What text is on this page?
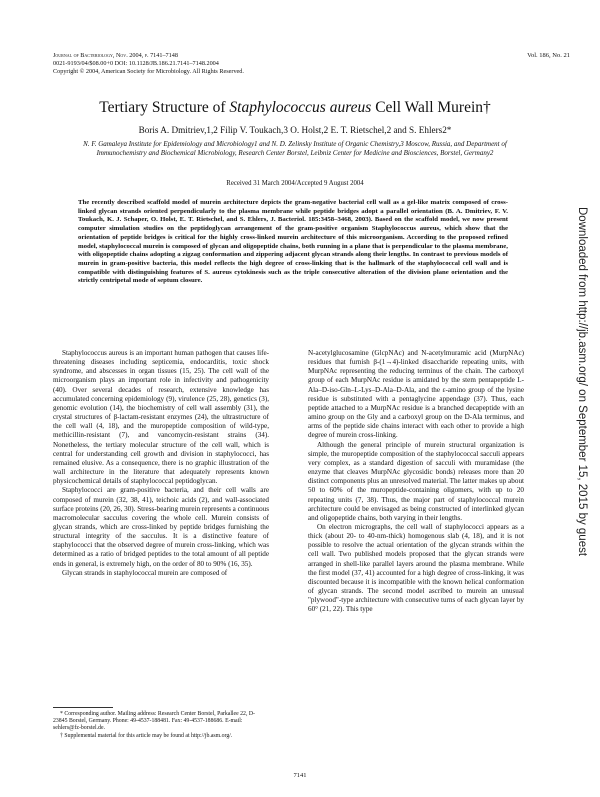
Journal of Bacteriology, Nov. 2004, p. 7141–7148
0021-9193/04/$08.00+0 DOI: 10.1128/JB.186.21.7141–7148.2004
Copyright © 2004, American Society for Microbiology. All Rights Reserved.
Vol. 186, No. 21
Tertiary Structure of Staphylococcus aureus Cell Wall Murein†
Boris A. Dmitriev,1,2 Filip V. Toukach,3 O. Holst,2 E. T. Rietschel,2 and S. Ehlers2*
N. F. Gamaleya Institute for Epidemiology and Microbiology1 and N. D. Zelinsky Institute of Organic Chemistry,3 Moscow, Russia, and Department of Immunochemistry and Biochemical Microbiology, Research Center Borstel, Leibniz Center for Medicine and Biosciences, Borstel, Germany2
Received 31 March 2004/Accepted 9 August 2004
The recently described scaffold model of murein architecture depicts the gram-negative bacterial cell wall as a gel-like matrix composed of cross-linked glycan strands oriented perpendicularly to the plasma membrane while peptide bridges adopt a parallel orientation (B. A. Dmitriev, F. V. Toukach, K. J. Schaper, O. Holst, E. T. Rietschel, and S. Ehlers, J. Bacteriol. 185:3458–3468, 2003). Based on the scaffold model, we now present computer simulation studies on the peptidoglycan arrangement of the gram-positive organism Staphylococcus aureus, which show that the orientation of peptide bridges is critical for the highly cross-linked murein architecture of this microorganism. According to the proposed refined model, staphylococcal murein is composed of glycan and oligopeptide chains, both running in a plane that is perpendicular to the plasma membrane, with oligopeptide chains adopting a zigzag conformation and zippering adjacent glycan strands along their lengths. In contrast to previous models of murein in gram-positive bacteria, this model reflects the high degree of cross-linking that is the hallmark of the staphylococcal cell wall and is compatible with distinguishing features of S. aureus cytokinesis such as the triple consecutive alteration of the division plane orientation and the strictly centripetal mode of septum closure.

Staphylococcus aureus is an important human pathogen that causes life-threatening diseases including septicemia, endocarditis, toxic shock syndrome, and abscesses in organ tissues (15, 25). The cell wall of the microorganism plays an important role in infectivity and pathogenicity (40). Over several decades of research, extensive knowledge has accumulated concerning epidemiology (9), virulence (25, 28), genetics (3), genomic evolution (14), the biochemistry of cell wall assembly (31), the crystal structures of β-lactam-resistant enzymes (24), the ultrastructure of the cell wall (4, 18), and the muropeptide composition of wild-type, methicillin-resistant (7), and vancomycin-resistant strains (34). Nonetheless, the tertiary molecular structure of the cell wall, which is central for understanding cell growth and division in staphylococci, has remained elusive. As a consequence, there is no graphic illustration of the wall architecture in the literature that adequately represents known physicochemical details of staphylococcal peptidoglycan.

Staphylococci are gram-positive bacteria, and their cell walls are composed of murein (32, 38, 41), teichoic acids (2), and wall-associated surface proteins (20, 26, 30). Stress-bearing murein represents a continuous macromolecular sacculus covering the whole cell. Murein consists of glycan strands, which are cross-linked by peptide bridges furnishing the structural integrity of the sacculus. It is a distinctive feature of staphylococci that the observed degree of murein cross-linking, which was determined as a ratio of bridged peptides to the total amount of all peptide ends in general, is extremely high, on the order of 80 to 90% (16, 35).

Glycan strands in staphylococcal murein are composed of

N-acetylglucosamine (GlcpNAc) and N-acetylmuramic acid (MurpNAc) residues that furnish β-(1→4)-linked disaccharide repeating units, with MurpNAc representing the reducing terminus of the chain. The carboxyl group of each MurpNAc residue is amidated by the stem pentapeptide L-Ala–D-iso-Gln–L-Lys–D-Ala–D-Ala, and the ε-amino group of the lysine residue is substituted with a pentaglycine appendage (37). Thus, each peptide attached to a MurpNAc residue is a branched decapeptide with an amino group on the Gly and a carboxyl group on the D-Ala terminus, and arms of the peptide side chains interact with each other to provide a high degree of murein cross-linking.

Although the general principle of murein structural organization is simple, the muropeptide composition of the staphylococcal sacculi appears very complex, as a standard digestion of sacculi with muramidase (the enzyme that cleaves MurpNAc glycosidic bonds) releases more than 20 distinct components plus an unresolved material. The latter makes up about 50 to 60% of the muropeptide-containing oligomers, with up to 20 repeating units (7, 38). Thus, the major part of staphylococcal murein architecture could be envisaged as being constructed of interlinked glycan and oligopeptide chains, both varying in their lengths.

On electron micrographs, the cell wall of staphylococci appears as a thick (about 20- to 40-nm-thick) homogenous slab (4, 18), and it is not possible to resolve the actual orientation of the glycan strands within the cell wall. Two published models proposed that the glycan strands were arranged in shell-like parallel layers around the plasma membrane. While the first model (37, 41) accounted for a high degree of cross-linking, it was discounted because it is incompatible with the known helical conformation of glycan strands. The second model ascribed to murein an unusual "plywood"-type architecture with consecutive turns of each glycan layer by 60° (21, 22). This type

* Corresponding author. Mailing address: Research Center Borstel, Parkallee 22, D-23845 Borstel, Germany. Phone: 49-4537-188481. Fax: 49-4537-188686. E-mail: sehlers@fz-borstel.de.

† Supplemental material for this article may be found at http://jb.asm.org/.

7141
Downloaded from http://jb.asm.org/ on September 15, 2015 by guest
